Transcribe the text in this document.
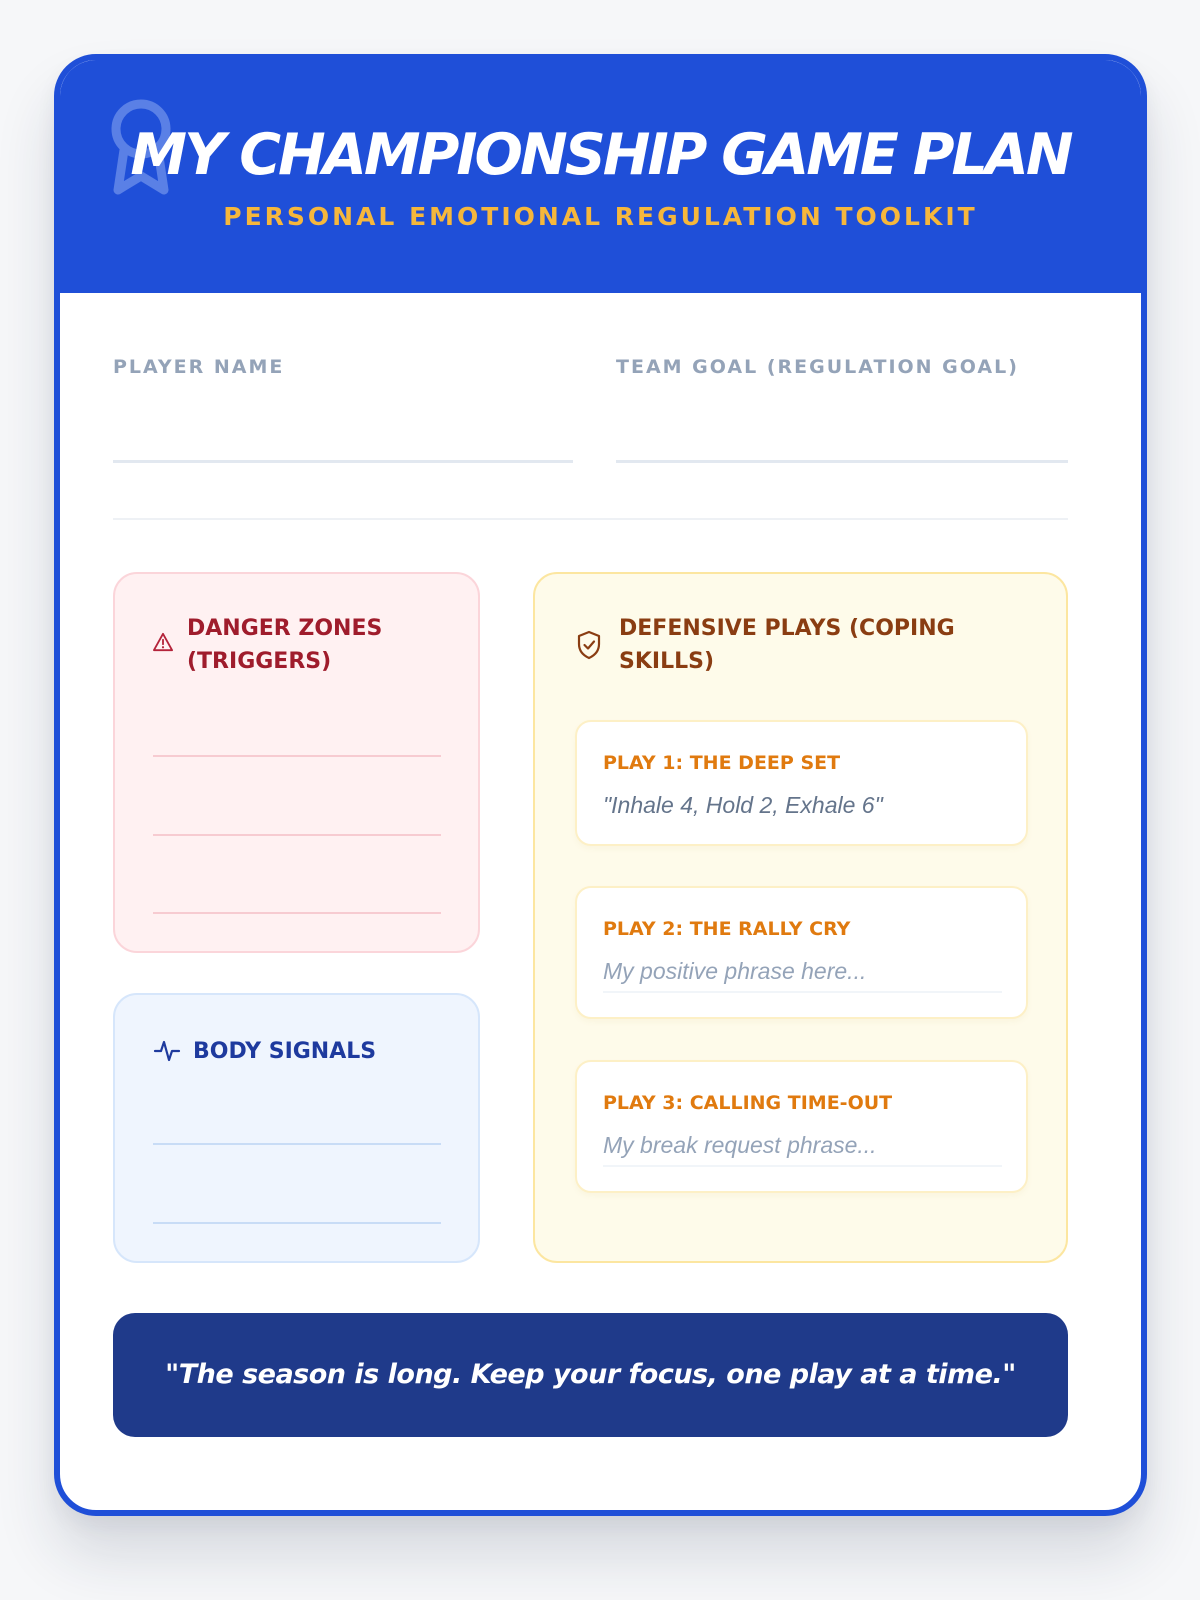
MY CHAMPIONSHIP GAME PLAN
PERSONAL EMOTIONAL REGULATION TOOLKIT
PLAYER NAME	TEAM GOAL (REGULATION GOAL)
DANGER ZONES
(TRIGGERS)
BODY SIGNALS
DEFENSIVE PLAYS (COPING
SKILLS)
PLAY 1: THE DEEP SET
"Inhale 4, Hold 2, Exhale 6"
PLAY 2: THE RALLY CRY
My positive phrase here...
PLAY 3: CALLING TIME-OUT
My break request phrase...
"The season is long. Keep your focus, one play at a time."
